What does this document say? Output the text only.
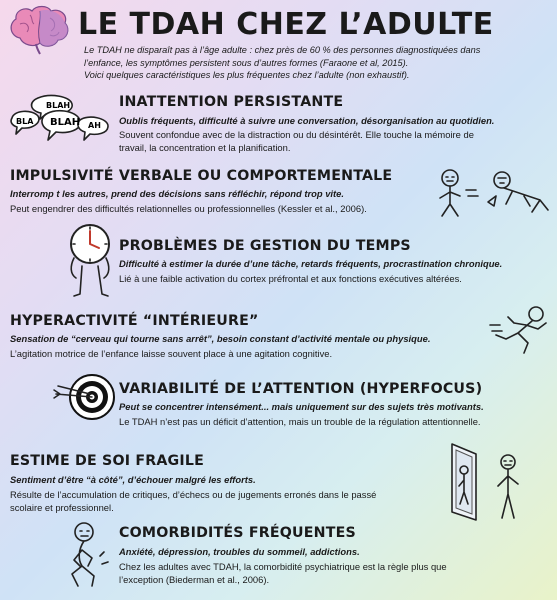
LE TDAH CHEZ L’ADULTE

Le TDAH ne disparaît pas à l’âge adulte : chez près de 60 % des personnes diagnostiquées dans

l’enfance, les symptômes persistent sous d’autres formes (Faraone et al, 2015).

Voici quelques caractéristiques les plus fréquentes chez l’adulte (non exhaustif).

BLAH
BLA BLAH AH
INATTENTION PERSISTANTE
Oublis fréquents, difficulté à suivre une conversation, désorganisation au quotidien.
Souvent confondue avec de la distraction ou du désintérêt. Elle touche la mémoire de
travail, la concentration et la planification.
IMPULSIVITÉ VERBALE OU COMPORTEMENTALE
Interromp t les autres, prend des décisions sans réfléchir, répond trop vite.
Peut engendrer des difficultés relationnelles ou professionnelles (Kessler et al., 2006).
PROBLÈMES DE GESTION DU TEMPS
Difficulté à estimer la durée d’une tâche, retards fréquents, procrastination chronique.
Lié à une faible activation du cortex préfrontal et aux fonctions exécutives altérées.
HYPERACTIVITÉ “INTÉRIEURE”
Sensation de “cerveau qui tourne sans arrêt”, besoin constant d’activité mentale ou physique.
L’agitation motrice de l’enfance laisse souvent place à une agitation cognitive.
VARIABILITÉ DE L’ATTENTION (HYPERFOCUS)
Peut se concentrer intensément... mais uniquement sur des sujets très motivants.
Le TDAH n’est pas un déficit d’attention, mais un trouble de la régulation attentionnelle.
ESTIME DE SOI FRAGILE
Sentiment d’être “à côté”, d’échouer malgré les efforts.
Résulte de l’accumulation de critiques, d’échecs ou de jugements erronés dans le passé
scolaire et professionnel.
COMORBIDITÉS FRÉQUENTES
Anxiété, dépression, troubles du sommeil, addictions.
Chez les adultes avec TDAH, la comorbidité psychiatrique est la règle plus que
l’exception (Biederman et al., 2006).
